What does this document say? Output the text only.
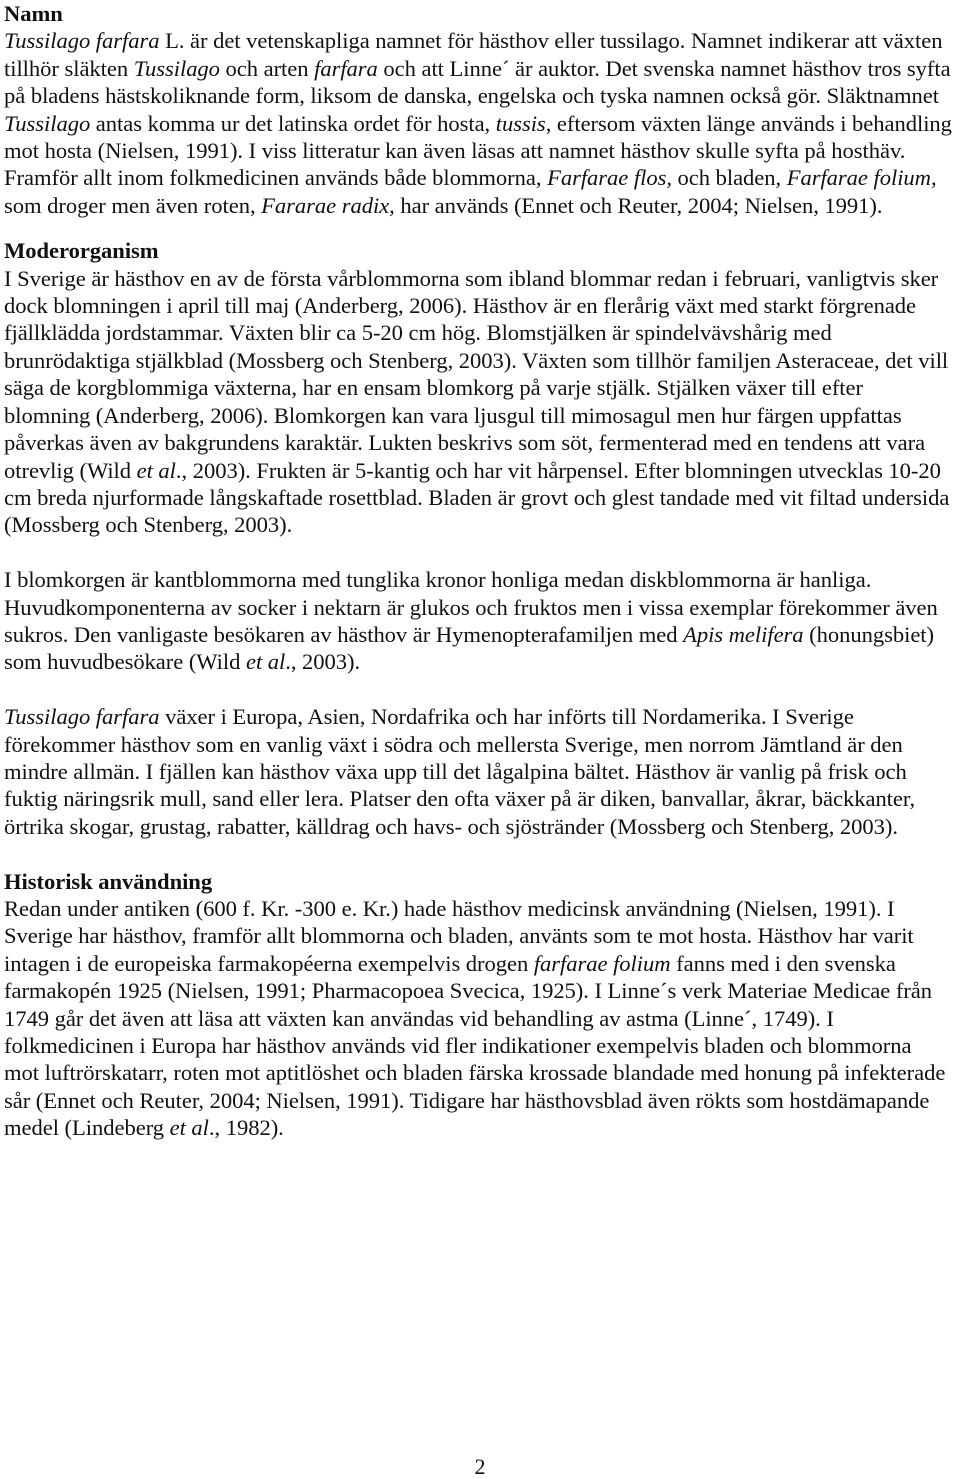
Namn

Tussilago farfara L. är det vetenskapliga namnet för hästhov eller tussilago. Namnet indikerar att växten tillhör släkten Tussilago och arten farfara och att Linne´ är auktor. Det svenska namnet hästhov tros syfta på bladens hästskoliknande form, liksom de danska, engelska och tyska namnen också gör. Släktnamnet Tussilago antas komma ur det latinska ordet för hosta, tussis, eftersom växten länge används i behandling mot hosta (Nielsen, 1991). I viss litteratur kan även läsas att namnet hästhov skulle syfta på hosthäv. Framför allt inom folkmedicinen används både blommorna, Farfarae flos, och bladen, Farfarae folium, som droger men även roten, Fararae radix, har används (Ennet och Reuter, 2004; Nielsen, 1991).

Moderorganism

I Sverige är hästhov en av de första vårblommorna som ibland blommar redan i februari, vanligtvis sker dock blomningen i april till maj (Anderberg, 2006). Hästhov är en flerårig växt med starkt förgrenade fjällklädda jordstammar. Växten blir ca 5-20 cm hög. Blomstjälken är spindelvävshårig med brunrödaktiga stjälkblad (Mossberg och Stenberg, 2003). Växten som tillhör familjen Asteraceae, det vill säga de korgblommiga växterna, har en ensam blomkorg på varje stjälk. Stjälken växer till efter blomning (Anderberg, 2006). Blomkorgen kan vara ljusgul till mimosagul men hur färgen uppfattas påverkas även av bakgrundens karaktär. Lukten beskrivs som söt, fermenterad med en tendens att vara otrevlig (Wild et al., 2003). Frukten är 5-kantig och har vit hårpensel. Efter blomningen utvecklas 10-20 cm breda njurformade långskaftade rosettblad. Bladen är grovt och glest tandade med vit filtad undersida (Mossberg och Stenberg, 2003).

I blomkorgen är kantblommorna med tunglika kronor honliga medan diskblommorna är hanliga. Huvudkomponenterna av socker i nektarn är glukos och fruktos men i vissa exemplar förekommer även sukros. Den vanligaste besökaren av hästhov är Hymenopterafamiljen med Apis melifera (honungsbiet) som huvudbesökare (Wild et al., 2003).

Tussilago farfara växer i Europa, Asien, Nordafrika och har införts till Nordamerika. I Sverige förekommer hästhov som en vanlig växt i södra och mellersta Sverige, men norrom Jämtland är den mindre allmän. I fjällen kan hästhov växa upp till det lågalpina bältet. Hästhov är vanlig på frisk och fuktig näringsrik mull, sand eller lera. Platser den ofta växer på är diken, banvallar, åkrar, bäckkanter, örtrika skogar, grustag, rabatter, källdrag och havs- och sjöstränder (Mossberg och Stenberg, 2003).

Historisk användning

Redan under antiken (600 f. Kr. -300 e. Kr.) hade hästhov medicinsk användning (Nielsen, 1991). I Sverige har hästhov, framför allt blommorna och bladen, använts som te mot hosta. Hästhov har varit intagen i de europeiska farmakopéerna exempelvis drogen farfarae folium fanns med i den svenska farmakopén 1925 (Nielsen, 1991; Pharmacopoea Svecica, 1925). I Linne´s verk Materiae Medicae från 1749 går det även att läsa att växten kan användas vid behandling av astma (Linne´, 1749). I folkmedicinen i Europa har hästhov används vid fler indikationer exempelvis bladen och blommorna mot luftrörskatarr, roten mot aptitlöshet och bladen färska krossade blandade med honung på infekterade sår (Ennet och Reuter, 2004; Nielsen, 1991). Tidigare har hästhovsblad även rökts som hostdämapande medel (Lindeberg et al., 1982).

2
